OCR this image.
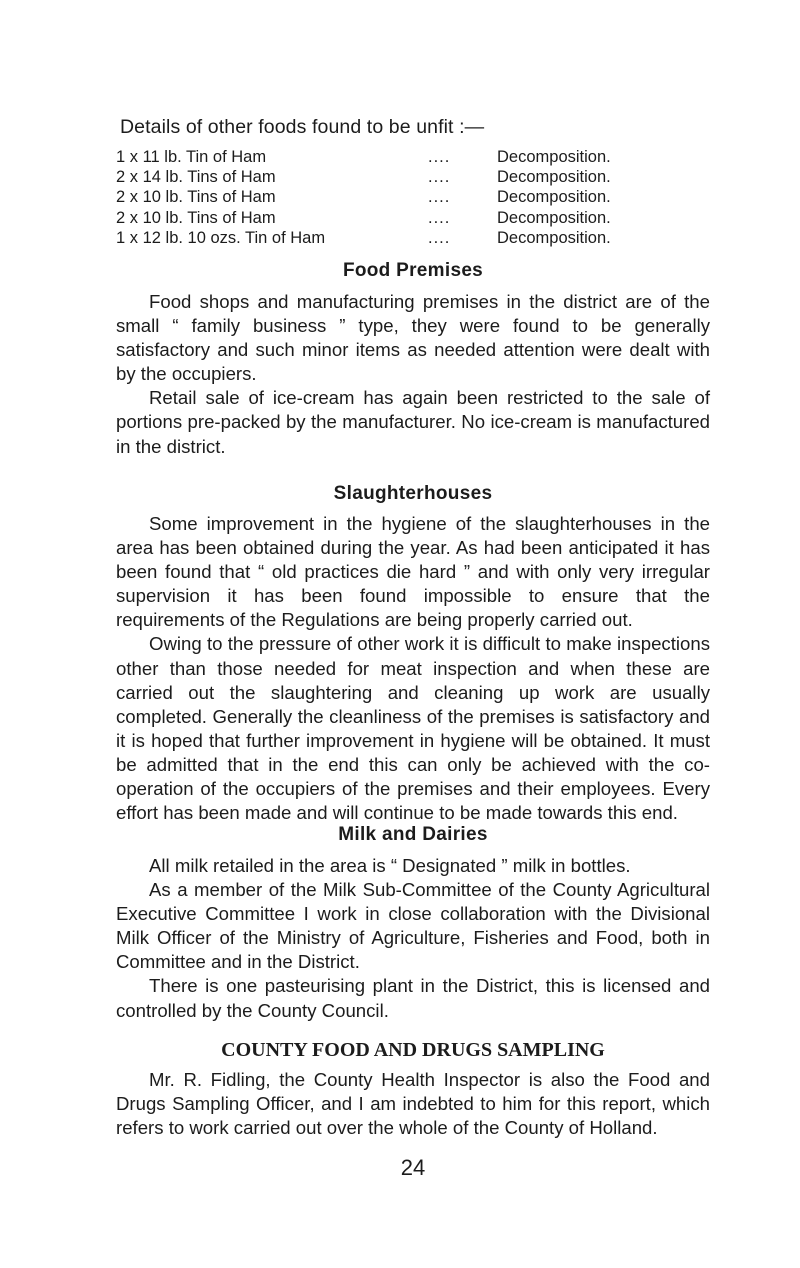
Details of other foods found to be unfit :—
1 x 11 lb. Tin of Ham	....	Decomposition.
2 x 14 lb. Tins of Ham	....	Decomposition.
2 x 10 lb. Tins of Ham	....	Decomposition.
2 x 10 lb. Tins of Ham	....	Decomposition.
1 x 12 lb. 10 ozs. Tin of Ham	....	Decomposition.
Food Premises

Food shops and manufacturing premises in the district are of the small “ family business ” type, they were found to be generally satisfactory and such minor items as needed attention were dealt with by the occupiers.

Retail sale of ice-cream has again been restricted to the sale of portions pre-packed by the manufacturer. No ice-cream is manufactured in the district.

Slaughterhouses

Some improvement in the hygiene of the slaughterhouses in the area has been obtained during the year. As had been anticipated it has been found that “ old practices die hard ” and with only very irregular supervision it has been found impossible to ensure that the requirements of the Regulations are being properly carried out.

Owing to the pressure of other work it is difficult to make inspections other than those needed for meat inspection and when these are carried out the slaughtering and cleaning up work are usually completed. Generally the cleanliness of the premises is satisfactory and it is hoped that further improvement in hygiene will be obtained. It must be admitted that in the end this can only be achieved with the co-operation of the occupiers of the premises and their employees. Every effort has been made and will continue to be made towards this end.

Milk and Dairies

All milk retailed in the area is “ Designated ” milk in bottles.

As a member of the Milk Sub-Committee of the County Agricultural Executive Committee I work in close collaboration with the Divisional Milk Officer of the Ministry of Agriculture, Fisheries and Food, both in Committee and in the District.

There is one pasteurising plant in the District, this is licensed and controlled by the County Council.

COUNTY FOOD AND DRUGS SAMPLING

Mr. R. Fidling, the County Health Inspector is also the Food and Drugs Sampling Officer, and I am indebted to him for this report, which refers to work carried out over the whole of the County of Holland.

24
